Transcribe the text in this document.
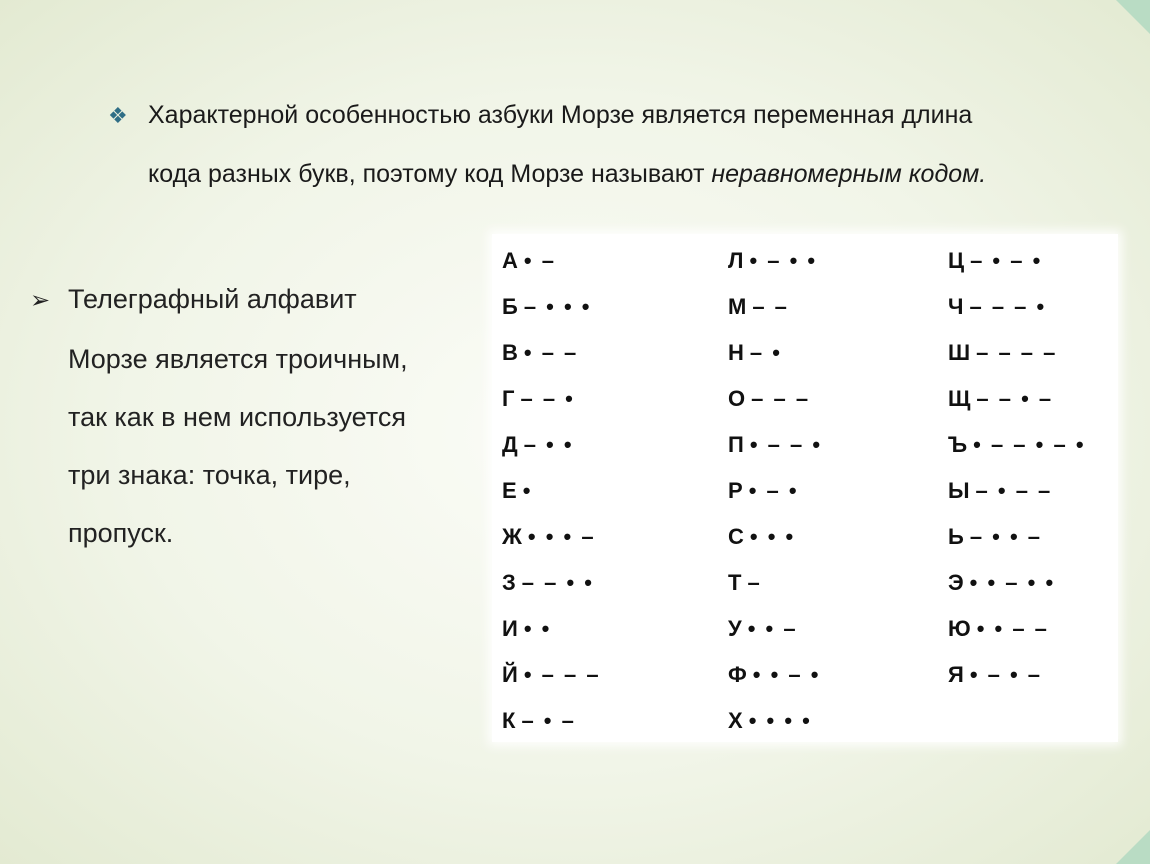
❖ Характерной особенностью азбуки Морзе является переменная длина
кода разных букв, поэтому код Морзе называют неравномерным кодом.
➢ Телеграфный алфавит
Морзе является троичным,
так как в нем используется
три знака: точка, тире,
пропуск.
А • –
Б – • • •
В • – –
Г – – •
Д – • •
Е •
Ж • • • –
З – – • •
И • •
Й • – – –
К – • –
Л • – • •
М – –
Н – •
О – – –
П • – – •
Р • – •
С • • •
Т –
У • • –
Ф • • – •
Х • • • •
Ц – • – •
Ч – – – •
Ш – – – –
Щ – – • –
Ъ • – – • – •
Ы – • – –
Ь – • • –
Э • • – • •
Ю • • – –
Я • – • –
